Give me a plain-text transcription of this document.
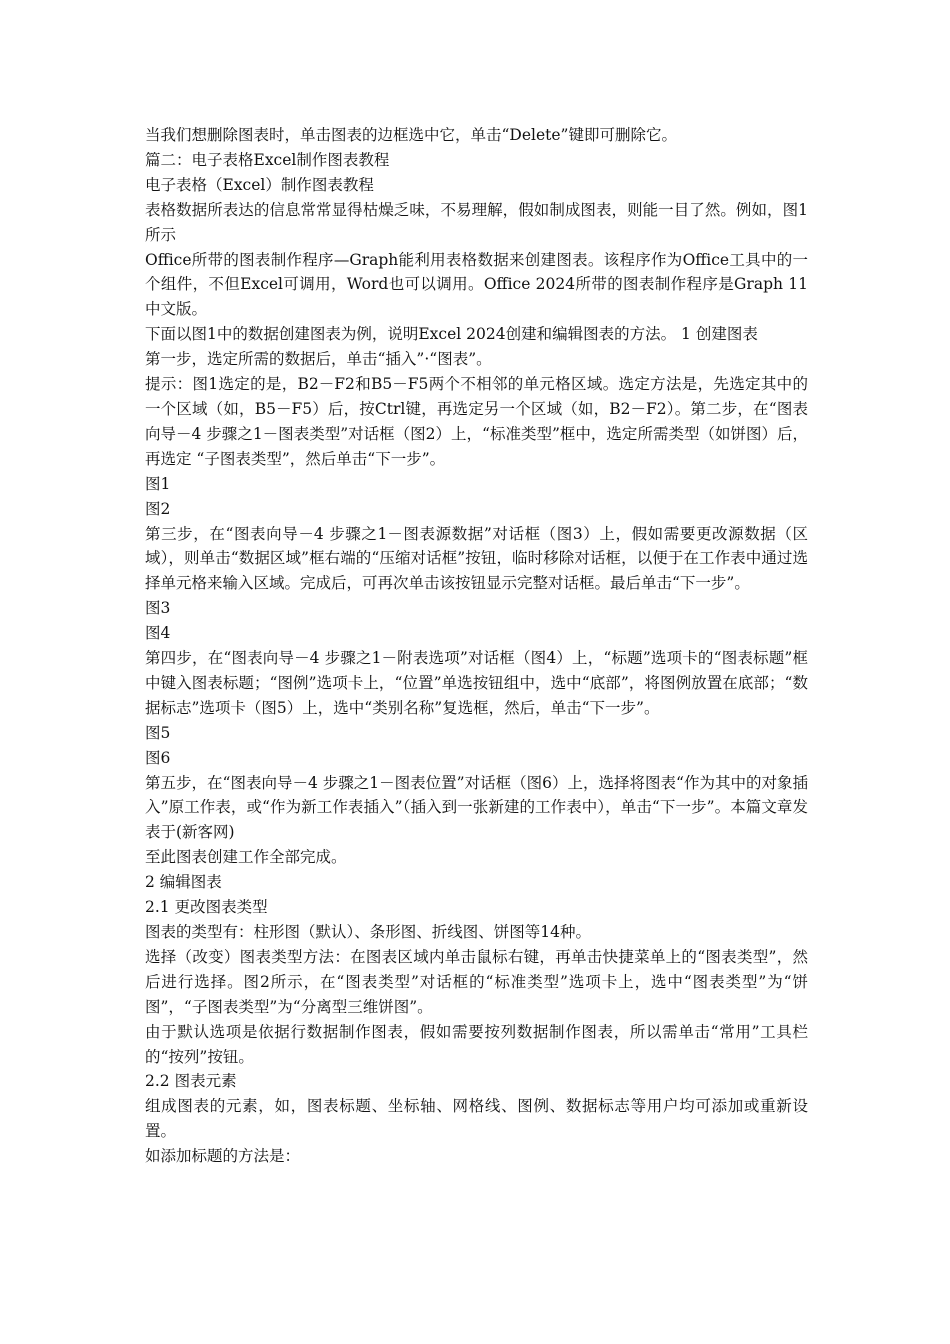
当我们想删除图表时，单击图表的边框选中它，单击“Delete”键即可删除它。

篇二：电子表格Excel制作图表教程

电子表格（Excel）制作图表教程

表格数据所表达的信息常常显得枯燥乏味，不易理解，假如制成图表，则能一目了然。例如，图1所示

Office所带的图表制作程序—Graph能利用表格数据来创建图表。该程序作为Office工具中的一个组件，不但Excel可调用，Word也可以调用。Office 2024所带的图表制作程序是Graph 11中文版。

下面以图1中的数据创建图表为例，说明Excel 2024创建和编辑图表的方法。 1 创建图表

第一步，选定所需的数据后，单击“插入”·“图表”。

提示：图1选定的是，B2－F2和B5－F5两个不相邻的单元格区域。选定方法是，先选定其中的一个区域（如，B5－F5）后，按Ctrl键，再选定另一个区域（如，B2－F2）。第二步，在“图表向导－4 步骤之1－图表类型”对话框（图2）上，“标准类型”框中，选定所需类型（如饼图）后，再选定 “子图表类型”，然后单击“下一步”。

图1

图2

第三步，在“图表向导－4 步骤之1－图表源数据”对话框（图3）上，假如需要更改源数据（区域），则单击“数据区域”框右端的“压缩对话框”按钮，临时移除对话框，以便于在工作表中通过选择单元格来输入区域。完成后，可再次单击该按钮显示完整对话框。最后单击“下一步”。

图3

图4

第四步，在“图表向导－4 步骤之1－附表选项”对话框（图4）上，“标题”选项卡的“图表标题”框中键入图表标题；“图例”选项卡上，“位置”单选按钮组中，选中“底部”，将图例放置在底部；“数据标志”选项卡（图5）上，选中“类别名称”复选框，然后，单击“下一步”。

图5

图6

第五步，在“图表向导－4 步骤之1－图表位置”对话框（图6）上，选择将图表“作为其中的对象插入”原工作表，或“作为新工作表插入”（插入到一张新建的工作表中），单击“下一步”。本篇文章发表于(新客网)

至此图表创建工作全部完成。

2 编辑图表

2.1 更改图表类型

图表的类型有：柱形图（默认）、条形图、折线图、饼图等14种。

选择（改变）图表类型方法：在图表区域内单击鼠标右键，再单击快捷菜单上的“图表类型”，然后进行选择。图2所示，在“图表类型”对话框的“标准类型”选项卡上，选中“图表类型”为“饼图”，“子图表类型”为“分离型三维饼图”。

由于默认选项是依据行数据制作图表，假如需要按列数据制作图表，所以需单击“常用”工具栏的“按列”按钮。

2.2 图表元素

组成图表的元素，如，图表标题、坐标轴、网格线、图例、数据标志等用户均可添加或重新设置。

如添加标题的方法是：
